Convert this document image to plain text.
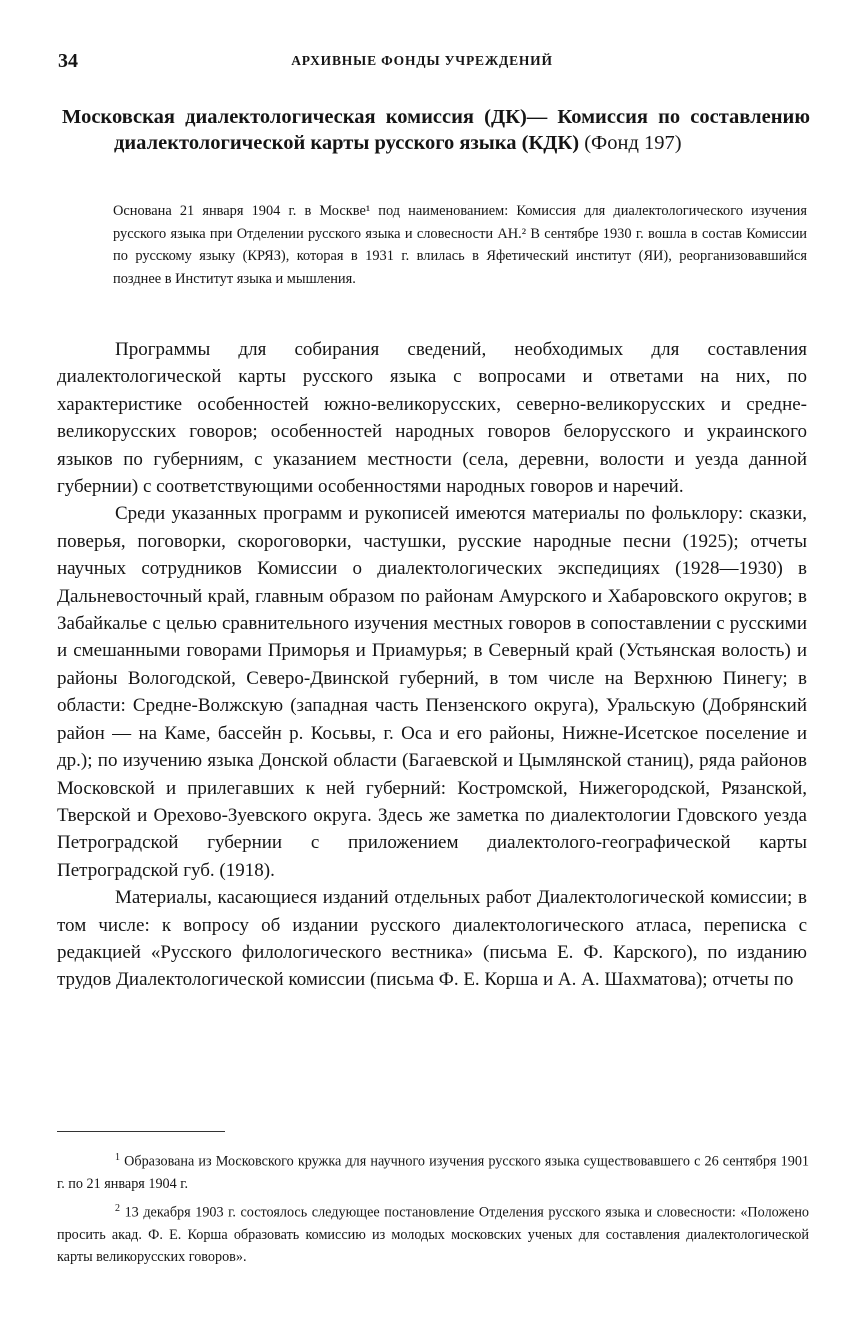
34	АРХИВНЫЕ ФОНДЫ УЧРЕЖДЕНИЙ

Московская диалектологическая комиссия (ДК)— Комиссия по составлению диалектологической карты русского языка (КДК) (Фонд 197)

Основана 21 января 1904 г. в Москве¹ под наименованием: Комиссия для диалектологического изучения русского языка при Отделении русского языка и словесности АН.² В сентябре 1930 г. вошла в состав Комиссии по русскому языку (КРЯЗ), которая в 1931 г. влилась в Яфетический институт (ЯИ), реорганизовавшийся позднее в Институт языка и мышления.

Программы для собирания сведений, необходимых для составления диалектологической карты русского языка с вопросами и ответами на них, по характеристике особенностей южно-великорусских, северно-великорусских и средне-великорусских говоров; особенностей народных говоров белорусского и украинского языков по губерниям, с указанием местности (села, деревни, волости и уезда данной губернии) с соответствующими особенностями народных говоров и наречий.

Среди указанных программ и рукописей имеются материалы по фольклору: сказки, поверья, поговорки, скороговорки, частушки, русские народные песни (1925); отчеты научных сотрудников Комиссии о диалектологических экспедициях (1928—1930) в Дальневосточный край, главным образом по районам Амурского и Хабаровского округов; в Забайкалье с целью сравнительного изучения местных говоров в сопоставлении с русскими и смешанными говорами Приморья и Приамурья; в Северный край (Устьянская волость) и районы Вологодской, Северо-Двинской губерний, в том числе на Верхнюю Пинегу; в области: Средне-Волжскую (западная часть Пензенского округа), Уральскую (Добрянский район — на Каме, бассейн р. Косьвы, г. Оса и его районы, Нижне-Исетское поселение и др.); по изучению языка Донской области (Багаевской и Цымлянской станиц), ряда районов Московской и прилегавших к ней губерний: Костромской, Нижегородской, Рязанской, Тверской и Орехово-Зуевского округа. Здесь же заметка по диалектологии Гдовского уезда Петроградской губернии с приложением диалектолого-географической карты Петроградской губ. (1918).

Материалы, касающиеся изданий отдельных работ Диалектологической комиссии; в том числе: к вопросу об издании русского диалектологического атласа, переписка с редакцией «Русского филологического вестника» (письма Е. Ф. Карского), по изданию трудов Диалектологической комиссии (письма Ф. Е. Корша и А. А. Шахматова); отчеты по

$^1$ Образована из Московского кружка для научного изучения русского языка существовавшего с 26 сентября 1901 г. по 21 января 1904 г.

$^2$ 13 декабря 1903 г. состоялось следующее постановление Отделения русского языка и словесности: «Положено просить акад. Ф. Е. Корша образовать комиссию из молодых московских ученых для составления диалектологической карты великорусских говоров».
